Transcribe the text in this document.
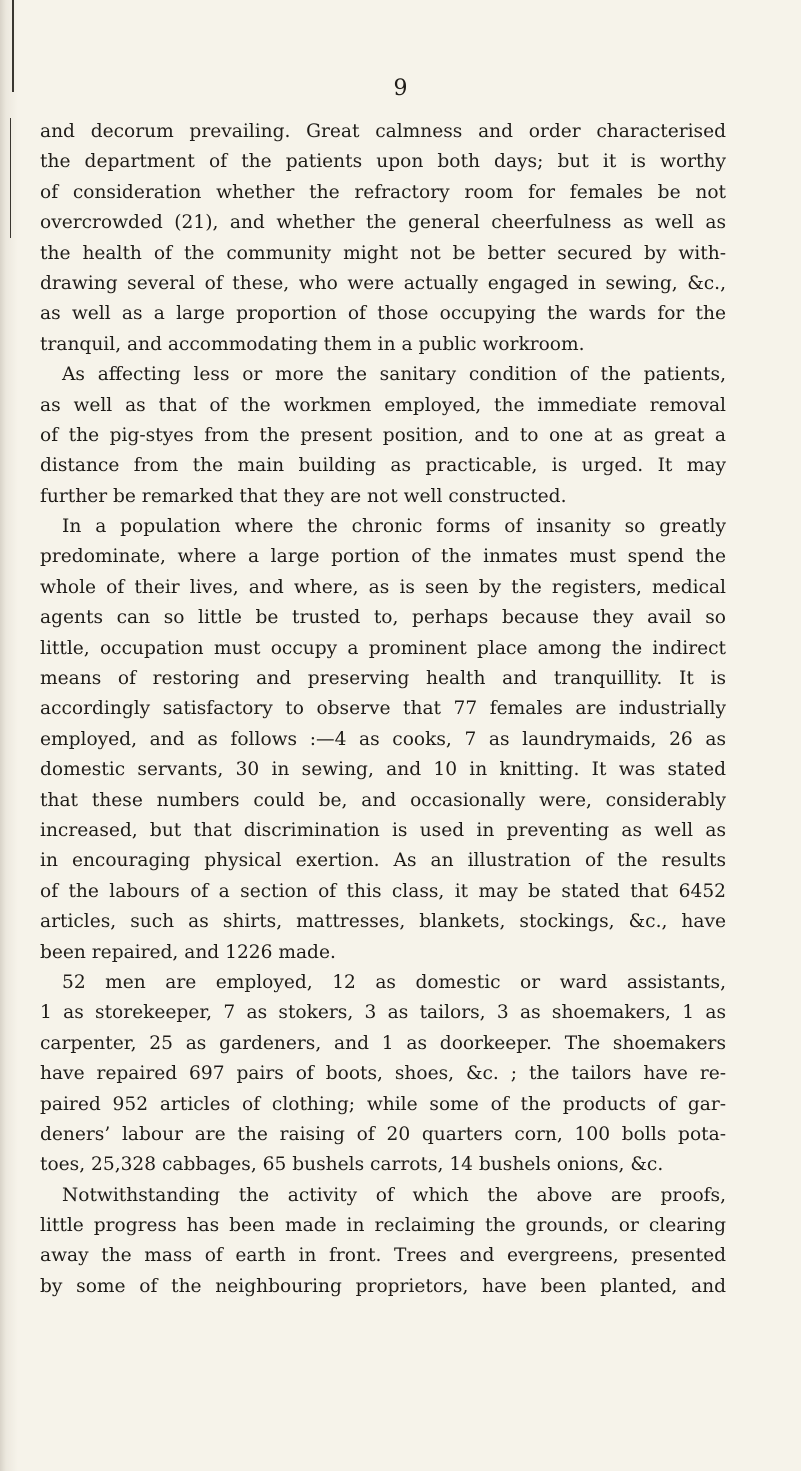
9
and decorum prevailing. Great calmness and order characterised
the department of the patients upon both days; but it is worthy
of consideration whether the refractory room for females be not
overcrowded (21), and whether the general cheerfulness as well as
the health of the community might not be better secured by with-
drawing several of these, who were actually engaged in sewing, &c.,
as well as a large proportion of those occupying the wards for the
tranquil, and accommodating them in a public workroom.
As affecting less or more the sanitary condition of the patients,
as well as that of the workmen employed, the immediate removal
of the pig-styes from the present position, and to one at as great a
distance from the main building as practicable, is urged. It may
further be remarked that they are not well constructed.
In a population where the chronic forms of insanity so greatly
predominate, where a large portion of the inmates must spend the
whole of their lives, and where, as is seen by the registers, medical
agents can so little be trusted to, perhaps because they avail so
little, occupation must occupy a prominent place among the indirect
means of restoring and preserving health and tranquillity. It is
accordingly satisfactory to observe that 77 females are industrially
employed, and as follows :—4 as cooks, 7 as laundrymaids, 26 as
domestic servants, 30 in sewing, and 10 in knitting. It was stated
that these numbers could be, and occasionally were, considerably
increased, but that discrimination is used in preventing as well as
in encouraging physical exertion. As an illustration of the results
of the labours of a section of this class, it may be stated that 6452
articles, such as shirts, mattresses, blankets, stockings, &c., have
been repaired, and 1226 made.
52 men are employed, 12 as domestic or ward assistants,
1 as storekeeper, 7 as stokers, 3 as tailors, 3 as shoemakers, 1 as
carpenter, 25 as gardeners, and 1 as doorkeeper. The shoemakers
have repaired 697 pairs of boots, shoes, &c. ; the tailors have re-
paired 952 articles of clothing; while some of the products of gar-
deners’ labour are the raising of 20 quarters corn, 100 bolls pota-
toes, 25,328 cabbages, 65 bushels carrots, 14 bushels onions, &c.
Notwithstanding the activity of which the above are proofs,
little progress has been made in reclaiming the grounds, or clearing
away the mass of earth in front. Trees and evergreens, presented
by some of the neighbouring proprietors, have been planted, and
